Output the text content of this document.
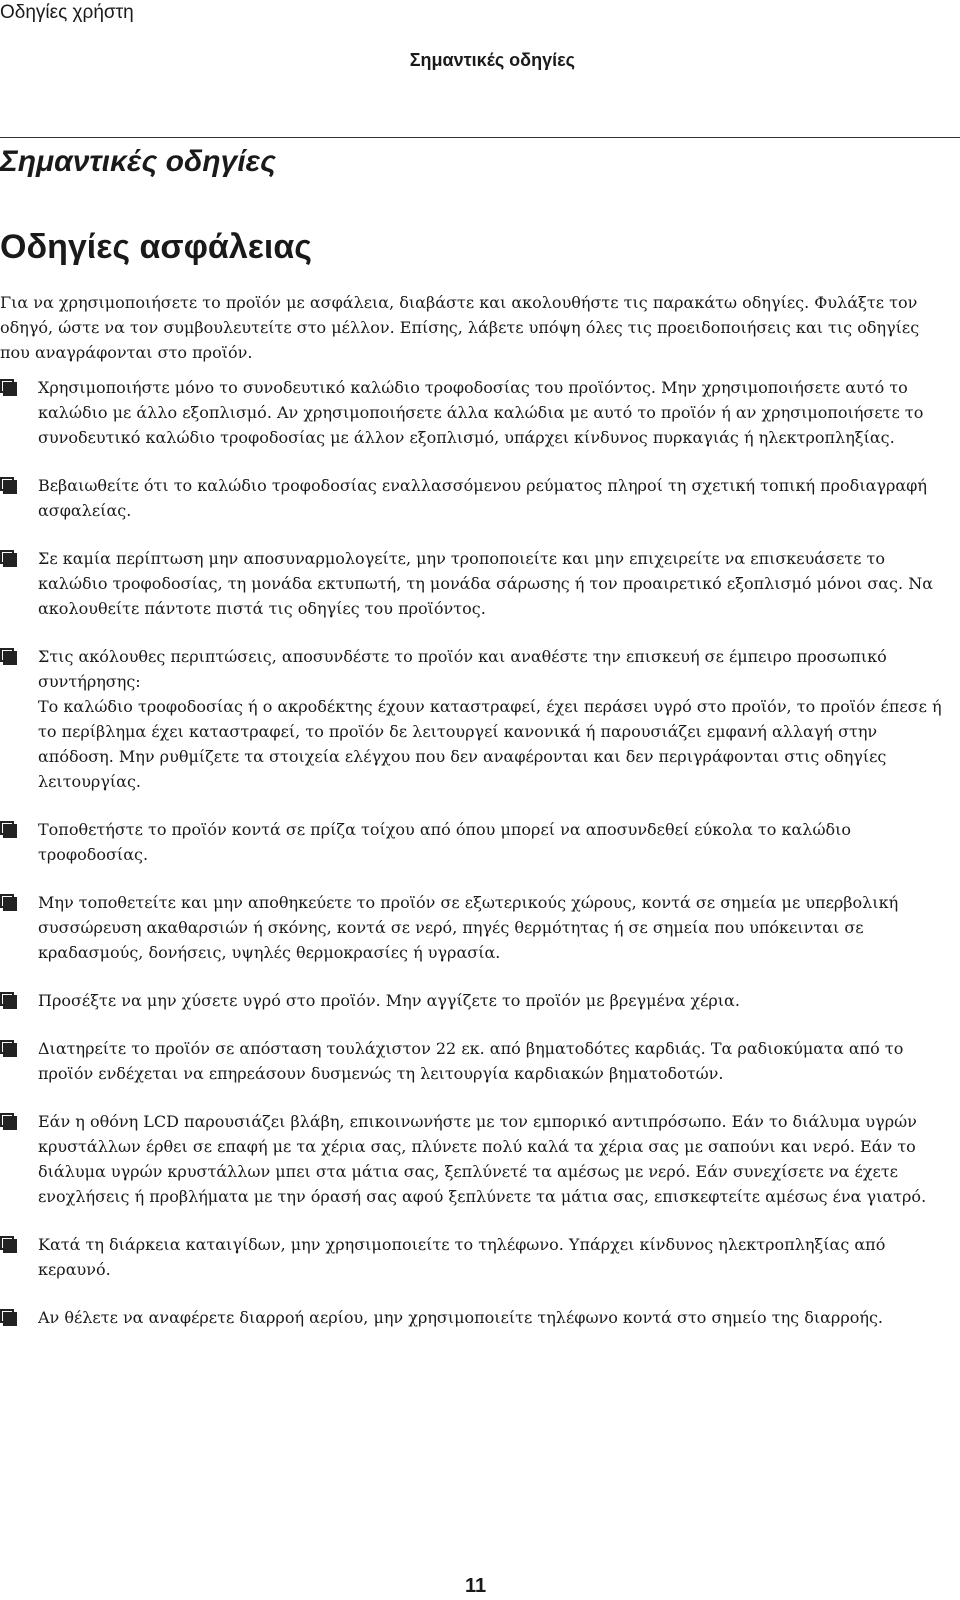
Οδηγίες χρήστη
Σημαντικές οδηγίες
Σημαντικές οδηγίες
Οδηγίες ασφάλειας

Για να χρησιμοποιήσετε το προϊόν με ασφάλεια, διαβάστε και ακολουθήστε τις παρακάτω οδηγίες. Φυλάξτε τον οδηγό, ώστε να τον συμβουλευτείτε στο μέλλον. Επίσης, λάβετε υπόψη όλες τις προειδοποιήσεις και τις οδηγίες που αναγράφονται στο προϊόν.

Χρησιμοποιήστε μόνο το συνοδευτικό καλώδιο τροφοδοσίας του προϊόντος. Μην χρησιμοποιήσετε αυτό το καλώδιο με άλλο εξοπλισμό. Αν χρησιμοποιήσετε άλλα καλώδια με αυτό το προϊόν ή αν χρησιμοποιήσετε το συνοδευτικό καλώδιο τροφοδοσίας με άλλον εξοπλισμό, υπάρχει κίνδυνος πυρκαγιάς ή ηλεκτροπληξίας.
Βεβαιωθείτε ότι το καλώδιο τροφοδοσίας εναλλασσόμενου ρεύματος πληροί τη σχετική τοπική προδιαγραφή ασφαλείας.
Σε καμία περίπτωση μην αποσυναρμολογείτε, μην τροποποιείτε και μην επιχειρείτε να επισκευάσετε το καλώδιο τροφοδοσίας, τη μονάδα εκτυπωτή, τη μονάδα σάρωσης ή τον προαιρετικό εξοπλισμό μόνοι σας. Να ακολουθείτε πάντοτε πιστά τις οδηγίες του προϊόντος.
Στις ακόλουθες περιπτώσεις, αποσυνδέστε το προϊόν και αναθέστε την επισκευή σε έμπειρο προσωπικό συντήρησης:
Το καλώδιο τροφοδοσίας ή ο ακροδέκτης έχουν καταστραφεί, έχει περάσει υγρό στο προϊόν, το προϊόν έπεσε ή το περίβλημα έχει καταστραφεί, το προϊόν δε λειτουργεί κανονικά ή παρουσιάζει εμφανή αλλαγή στην απόδοση. Μην ρυθμίζετε τα στοιχεία ελέγχου που δεν αναφέρονται και δεν περιγράφονται στις οδηγίες λειτουργίας.
Τοποθετήστε το προϊόν κοντά σε πρίζα τοίχου από όπου μπορεί να αποσυνδεθεί εύκολα το καλώδιο τροφοδοσίας.
Μην τοποθετείτε και μην αποθηκεύετε το προϊόν σε εξωτερικούς χώρους, κοντά σε σημεία με υπερβολική συσσώρευση ακαθαρσιών ή σκόνης, κοντά σε νερό, πηγές θερμότητας ή σε σημεία που υπόκεινται σε κραδασμούς, δονήσεις, υψηλές θερμοκρασίες ή υγρασία.
Προσέξτε να μην χύσετε υγρό στο προϊόν. Μην αγγίζετε το προϊόν με βρεγμένα χέρια.
Διατηρείτε το προϊόν σε απόσταση τουλάχιστον 22 εκ. από βηματοδότες καρδιάς. Τα ραδιοκύματα από το προϊόν ενδέχεται να επηρεάσουν δυσμενώς τη λειτουργία καρδιακών βηματοδοτών.
Εάν η οθόνη LCD παρουσιάζει βλάβη, επικοινωνήστε με τον εμπορικό αντιπρόσωπο. Εάν το διάλυμα υγρών κρυστάλλων έρθει σε επαφή με τα χέρια σας, πλύνετε πολύ καλά τα χέρια σας με σαπούνι και νερό. Εάν το διάλυμα υγρών κρυστάλλων μπει στα μάτια σας, ξεπλύνετέ τα αμέσως με νερό. Εάν συνεχίσετε να έχετε ενοχλήσεις ή προβλήματα με την όρασή σας αφού ξεπλύνετε τα μάτια σας, επισκεφτείτε αμέσως ένα γιατρό.
Κατά τη διάρκεια καταιγίδων, μην χρησιμοποιείτε το τηλέφωνο. Υπάρχει κίνδυνος ηλεκτροπληξίας από κεραυνό.
Αν θέλετε να αναφέρετε διαρροή αερίου, μην χρησιμοποιείτε τηλέφωνο κοντά στο σημείο της διαρροής.
11
